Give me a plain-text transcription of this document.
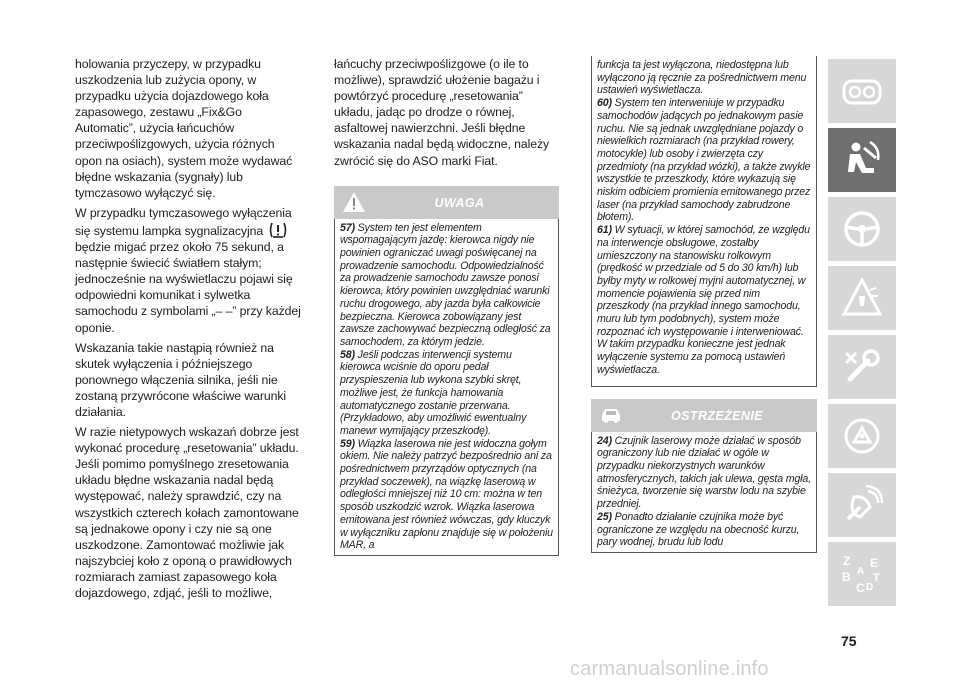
holowania przyczepy, w przypadku uszkodzenia lub zużycia opony, w przypadku użycia dojazdowego koła zapasowego, zestawu „Fix&Go Automatic”, użycia łańcuchów przeciwpoślizgowych, użycia różnych opon na osiach), system może wydawać błędne wskazania (sygnały) lub tymczasowo wyłączyć się.

W przypadku tymczasowego wyłączenia się systemu lampka sygnalizacyjna  będzie migać przez około 75 sekund, a następnie świecić światłem stałym; jednocześnie na wyświetlaczu pojawi się odpowiedni komunikat i sylwetka samochodu z symbolami „– –” przy każdej oponie.

Wskazania takie nastąpią również na skutek wyłączenia i późniejszego ponownego włączenia silnika, jeśli nie zostaną przywrócone właściwe warunki działania.

W razie nietypowych wskazań dobrze jest wykonać procedurę „resetowania” układu. Jeśli pomimo pomyślnego zresetowania układu błędne wskazania nadal będą występować, należy sprawdzić, czy na wszystkich czterech kołach zamontowane są jednakowe opony i czy nie są one uszkodzone. Zamontować możliwie jak najszybciej koło z oponą o prawidłowych rozmiarach zamiast zapasowego koła dojazdowego, zdjąć, jeśli to możliwe,

łańcuchy przeciwpoślizgowe (o ile to możliwe), sprawdzić ułożenie bagażu i powtórzyć procedurę „resetowania” układu, jadąc po drodze o równej, asfaltowej nawierzchni. Jeśli błędne wskazania nadal będą widoczne, należy zwrócić się do ASO marki Fiat.

UWAGA

57) System ten jest elementem wspomagającym jazdę: kierowca nigdy nie powinien ograniczać uwagi poświęcanej na prowadzenie samochodu. Odpowiedzialność za prowadzenie samochodu zawsze ponosi kierowca, który powinien uwzględniać warunki ruchu drogowego, aby jazda była całkowicie bezpieczna. Kierowca zobowiązany jest zawsze zachowywać bezpieczną odległość za samochodem, za którym jedzie.

58) Jeśli podczas interwencji systemu kierowca wciśnie do oporu pedał przyspieszenia lub wykona szybki skręt, możliwe jest, że funkcja hamowania automatycznego zostanie przerwana. (Przykładowo, aby umożliwić ewentualny manewr wymijający przeszkodę).

59) Wiązka laserowa nie jest widoczna gołym okiem. Nie należy patrzyć bezpośrednio ani za pośrednictwem przyrządów optycznych (na przykład soczewek), na wiązkę laserową w odległości mniejszej niż 10 cm: można w ten sposób uszkodzić wzrok. Wiązka laserowa emitowana jest również wówczas, gdy kluczyk w wyłączniku zapłonu znajduje się w położeniu MAR, a

funkcja ta jest wyłączona, niedostępna lub wyłączono ją ręcznie za pośrednictwem menu ustawień wyświetlacza.

60) System ten interweniuje w przypadku samochodów jadących po jednakowym pasie ruchu. Nie są jednak uwzględniane pojazdy o niewielkich rozmiarach (na przykład rowery, motocykle) lub osoby i zwierzęta czy przedmioty (na przykład wózki), a także zwykle wszystkie te przeszkody, które wykazują się niskim odbiciem promienia emitowanego przez laser (na przykład samochody zabrudzone błotem).

61) W sytuacji, w której samochód, ze względu na interwencje obsługowe, zostałby umieszczony na stanowisku rolkowym (prędkość w przedziale od 5 do 30 km/h) lub byłby myty w rolkowej myjni automatycznej, w momencie pojawienia się przed nim przeszkody (na przykład innego samochodu, muru lub tym podobnych), system może rozpoznać ich występowanie i interweniować. W takim przypadku konieczne jest jednak wyłączenie systemu za pomocą ustawień wyświetlacza.

OSTRZEŻENIE

24) Czujnik laserowy może działać w sposób ograniczony lub nie działać w ogóle w przypadku niekorzystnych warunków atmosferycznych, takich jak ulewa, gęsta mgła, śnieżyca, tworzenie się warstw lodu na szybie przedniej.

25) Ponadto działanie czujnika może być ograniczone ze względu na obecność kurzu, pary wodnej, brudu lub lodu

Z
B
C D
E
T
A
75
carmanualsonline.info
